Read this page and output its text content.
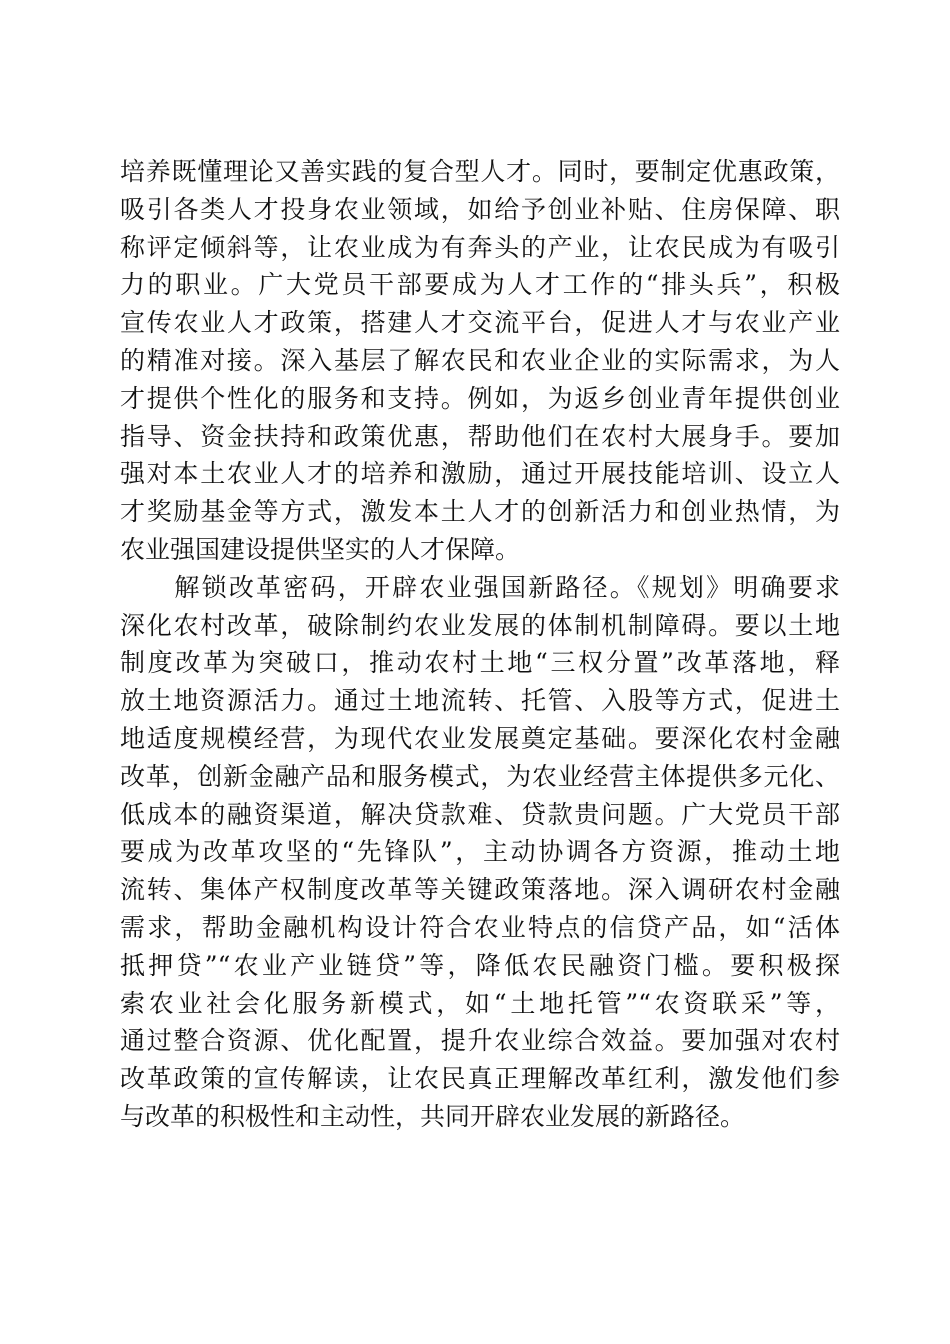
培养既懂理论又善实践的复合型人才。同时，要制定优惠政策，
吸引各类人才投身农业领域，如给予创业补贴、住房保障、职
称评定倾斜等，让农业成为有奔头的产业，让农民成为有吸引
力的职业。广大党员干部要成为人才工作的“排头兵”，积极
宣传农业人才政策，搭建人才交流平台，促进人才与农业产业
的精准对接。深入基层了解农民和农业企业的实际需求，为人
才提供个性化的服务和支持。例如，为返乡创业青年提供创业
指导、资金扶持和政策优惠，帮助他们在农村大展身手。要加
强对本土农业人才的培养和激励，通过开展技能培训、设立人
才奖励基金等方式，激发本土人才的创新活力和创业热情，为
农业强国建设提供坚实的人才保障。
　　解锁改革密码，开辟农业强国新路径。《规划》明确要求
深化农村改革，破除制约农业发展的体制机制障碍。要以土地
制度改革为突破口，推动农村土地“三权分置”改革落地，释
放土地资源活力。通过土地流转、托管、入股等方式，促进土
地适度规模经营，为现代农业发展奠定基础。要深化农村金融
改革，创新金融产品和服务模式，为农业经营主体提供多元化、
低成本的融资渠道，解决贷款难、贷款贵问题。广大党员干部
要成为改革攻坚的“先锋队”，主动协调各方资源，推动土地
流转、集体产权制度改革等关键政策落地。深入调研农村金融
需求，帮助金融机构设计符合农业特点的信贷产品，如“活体
抵押贷”“农业产业链贷”等，降低农民融资门槛。要积极探
索农业社会化服务新模式，如“土地托管”“农资联采”等，
通过整合资源、优化配置，提升农业综合效益。要加强对农村
改革政策的宣传解读，让农民真正理解改革红利，激发他们参
与改革的积极性和主动性，共同开辟农业发展的新路径。
